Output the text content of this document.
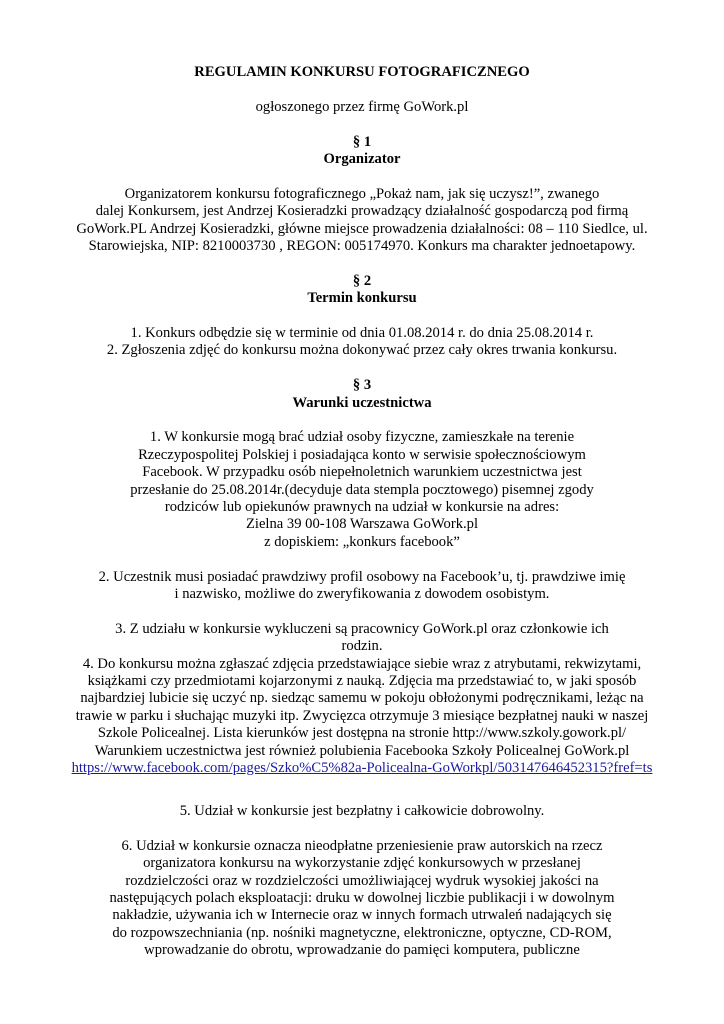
REGULAMIN KONKURSU FOTOGRAFICZNEGO
ogłoszonego przez firmę GoWork.pl
§ 1
Organizator
Organizatorem konkursu fotograficznego „Pokaż nam, jak się uczysz!”, zwanego
dalej Konkursem, jest Andrzej Kosieradzki prowadzący działalność gospodarczą pod firmą
GoWork.PL Andrzej Kosieradzki, główne miejsce prowadzenia działalności: 08 – 110 Siedlce, ul.
Starowiejska, NIP: 8210003730 , REGON: 005174970. Konkurs ma charakter jednoetapowy.
§ 2
Termin konkursu
1. Konkurs odbędzie się w terminie od dnia 01.08.2014 r. do dnia 25.08.2014 r.
2. Zgłoszenia zdjęć do konkursu można dokonywać przez cały okres trwania konkursu.
§ 3
Warunki uczestnictwa
1. W konkursie mogą brać udział osoby fizyczne, zamieszkałe na terenie
Rzeczypospolitej Polskiej i posiadająca konto w serwisie społecznościowym
Facebook. W przypadku osób niepełnoletnich warunkiem uczestnictwa jest
przesłanie do 25.08.2014r.(decyduje data stempla pocztowego) pisemnej zgody
rodziców lub opiekunów prawnych na udział w konkursie na adres:
Zielna 39 00-108 Warszawa GoWork.pl
z dopiskiem: „konkurs facebook”
2. Uczestnik musi posiadać prawdziwy profil osobowy na Facebook’u, tj. prawdziwe imię
i nazwisko, możliwe do zweryfikowania z dowodem osobistym.
3. Z udziału w konkursie wykluczeni są pracownicy GoWork.pl oraz członkowie ich
rodzin.
4. Do konkursu można zgłaszać zdjęcia przedstawiające siebie wraz z atrybutami, rekwizytami,
książkami czy przedmiotami kojarzonymi z nauką. Zdjęcia ma przedstawiać to, w jaki sposób
najbardziej lubicie się uczyć np. siedząc samemu w pokoju obłożonymi podręcznikami, leżąc na
trawie w parku i słuchając muzyki itp. Zwycięzca otrzymuje 3 miesiące bezpłatnej nauki w naszej
Szkole Policealnej. Lista kierunków jest dostępna na stronie http://www.szkoly.gowork.pl/
Warunkiem uczestnictwa jest również polubienia Facebooka Szkoły Policealnej GoWork.pl
https://www.facebook.com/pages/Szko%C5%82a-Policealna-GoWorkpl/503147646452315?fref=ts
5. Udział w konkursie jest bezpłatny i całkowicie dobrowolny.
6. Udział w konkursie oznacza nieodpłatne przeniesienie praw autorskich na rzecz
organizatora konkursu na wykorzystanie zdjęć konkursowych w przesłanej
rozdzielczości oraz w rozdzielczości umożliwiającej wydruk wysokiej jakości na
następujących polach eksploatacji: druku w dowolnej liczbie publikacji i w dowolnym
nakładzie, używania ich w Internecie oraz w innych formach utrwaleń nadających się
do rozpowszechniania (np. nośniki magnetyczne, elektroniczne, optyczne, CD-ROM,
wprowadzanie do obrotu, wprowadzanie do pamięci komputera, publiczne
